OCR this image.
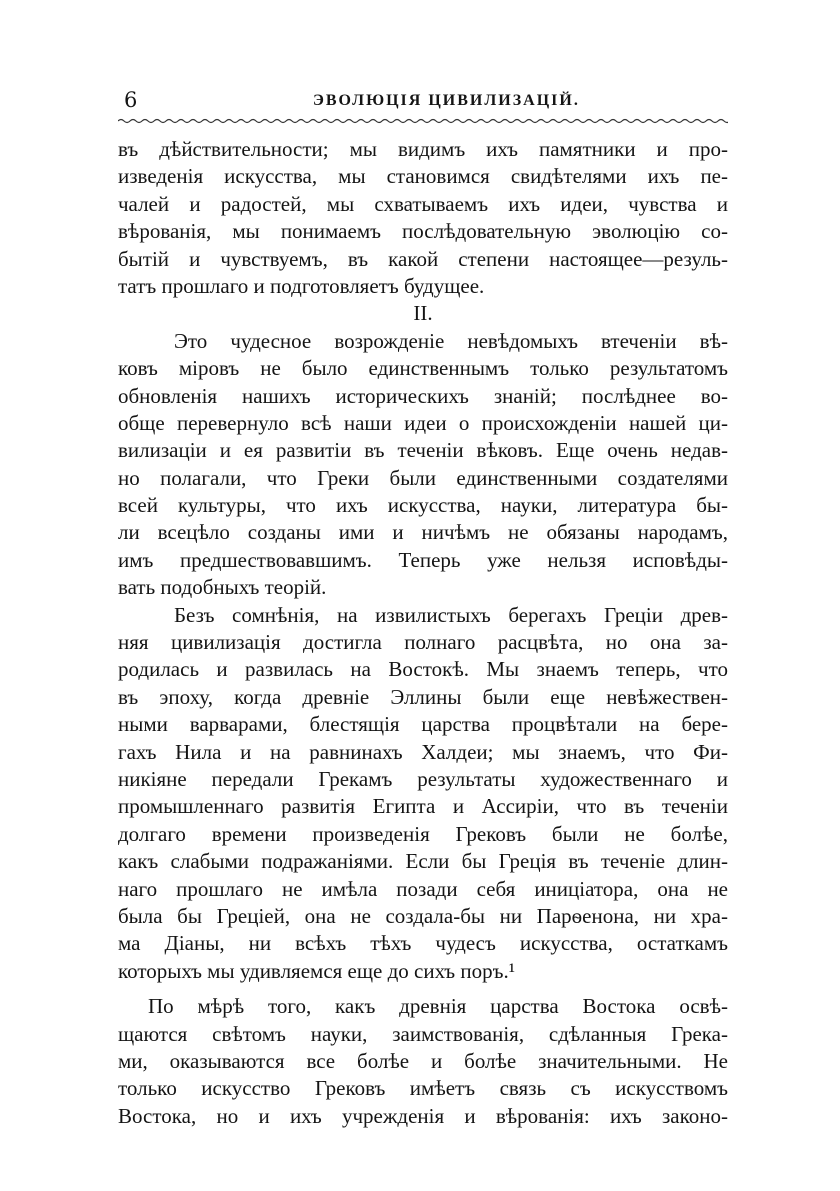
6	ЭВОЛЮЦІЯ ЦИВИЛИЗАЦІЙ.
въ дѣйствительности; мы видимъ ихъ памятники и про-
изведенія искусства, мы становимся свидѣтелями ихъ пе-
чалей и радостей, мы схватываемъ ихъ идеи, чувства и
вѣрованія, мы понимаемъ послѣдовательную эволюцію со-
бытій и чувствуемъ, въ какой степени настоящее—резуль-
татъ прошлаго и подготовляетъ будущее.
II.
Это чудесное возрожденіе невѣдомыхъ втеченіи вѣ-
ковъ міровъ не было единственнымъ только результатомъ
обновленія нашихъ историческихъ знаній; послѣднее во-
обще перевернуло всѣ наши идеи о происхожденіи нашей ци-
вилизаціи и ея развитіи въ теченіи вѣковъ. Еще очень недав-
но полагали, что Греки были единственными создателями
всей культуры, что ихъ искусства, науки, литература бы-
ли всецѣло созданы ими и ничѣмъ не обязаны народамъ,
имъ предшествовавшимъ. Теперь уже нельзя исповѣды-
вать подобныхъ теорій.
Безъ сомнѣнія, на извилистыхъ берегахъ Греціи древ-
няя цивилизація достигла полнаго расцвѣта, но она за-
родилась и развилась на Востокѣ. Мы знаемъ теперь, что
въ эпоху, когда древніе Эллины были еще невѣжествен-
ными варварами, блестящія царства процвѣтали на бере-
гахъ Нила и на равнинахъ Халдеи; мы знаемъ, что Фи-
никіяне передали Грекамъ результаты художественнаго и
промышленнаго развитія Египта и Ассиріи, что въ теченіи
долгаго времени произведенія Грековъ были не болѣе,
какъ слабыми подражаніями. Если бы Греція въ теченіе длин-
наго прошлаго не имѣла позади себя иниціатора, она не
была бы Греціей, она не создала-бы ни Парѳенона, ни хра-
ма Діаны, ни всѣхъ тѣхъ чудесъ искусства, остаткамъ
которыхъ мы удивляемся еще до сихъ поръ.¹
По мѣрѣ того, какъ древнія царства Востока освѣ-
щаются свѣтомъ науки, заимствованія, сдѣланныя Грека-
ми, оказываются все болѣе и болѣе значительными. Не
только искусство Грековъ имѣетъ связь съ искусствомъ
Востока, но и ихъ учрежденія и вѣрованія: ихъ законо-
